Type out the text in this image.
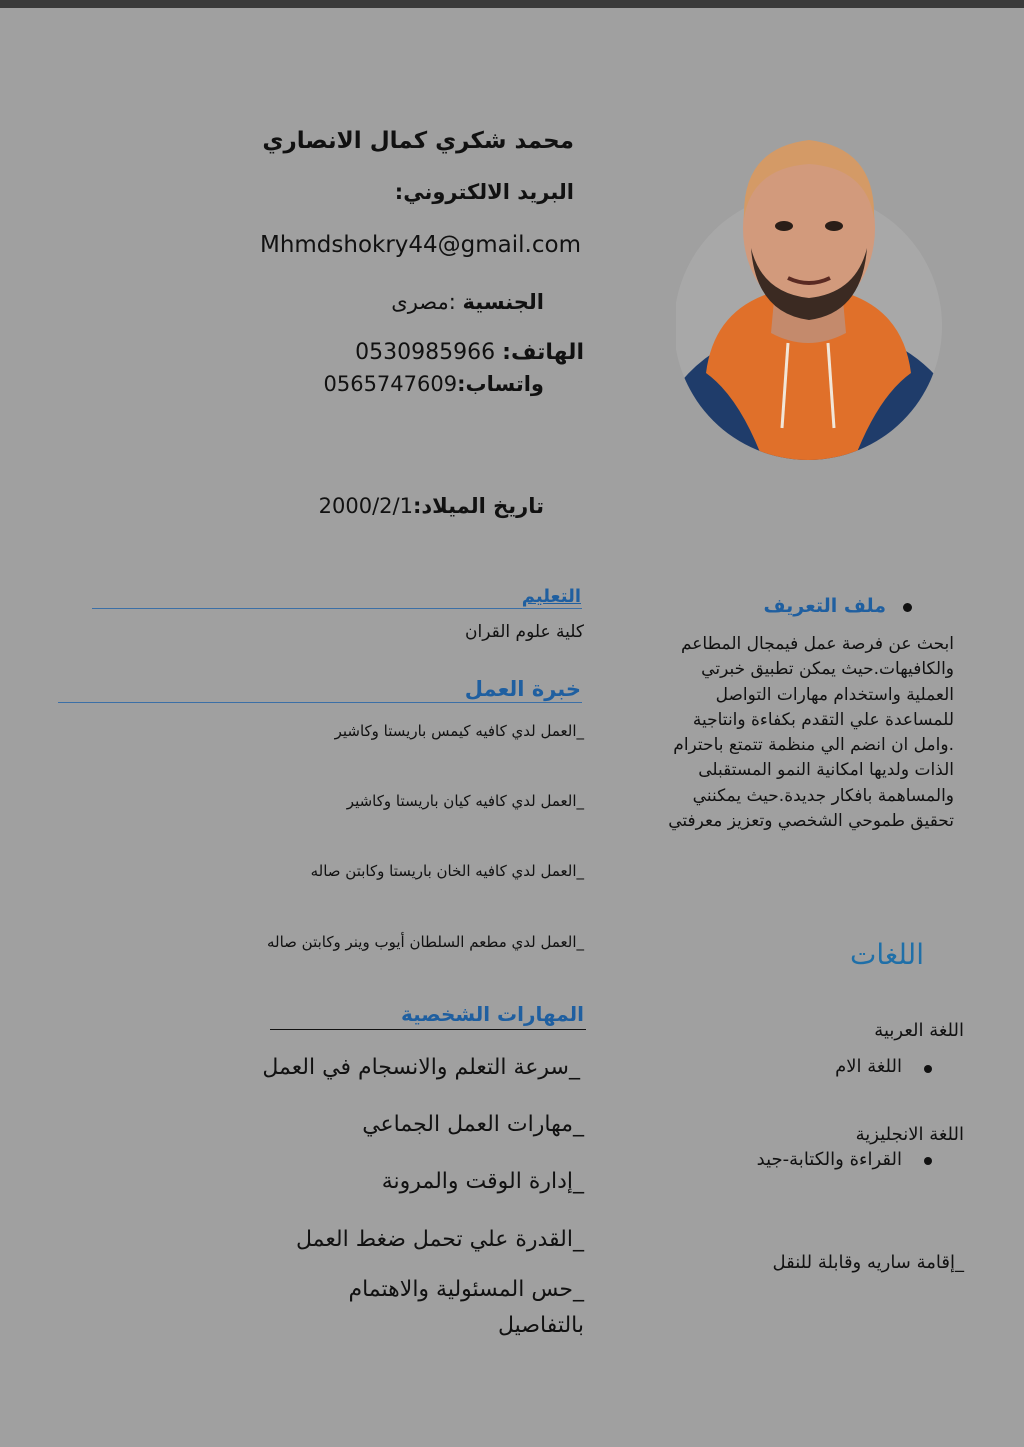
محمد شكري كمال الانصاري
البريد الالكتروني:
Mhmdshokry44@gmail.com
الجنسية :مصرى
الهاتف: 0530985966
واتساب:0565747609
تاريخ الميلاد:2000/2/1
التعليم
كلية علوم القران
خبرة العمل
_العمل لدي كافيه كيمس باريستا وكاشير
_العمل لدي كافيه كيان باريستا وكاشير
_العمل لدي كافيه الخان باريستا وكابتن صاله
_العمل لدي مطعم السلطان أيوب وينر وكابتن صاله
المهارات الشخصية
_سرعة التعلم والانسجام في العمل
_مهارات العمل الجماعي
_إدارة الوقت والمرونة
_القدرة علي تحمل ضغط العمل
_حس المسئولية والاهتمام بالتفاصيل
ملف التعريف
ابحث عن فرصة عمل فيمجال المطاعم والكافيهات.حيث يمكن تطبيق خبرتي العملية واستخدام مهارات التواصل للمساعدة علي التقدم بكفاءة وانتاجية .وامل ان انضم الي منظمة تتمتع باحترام الذات ولديها امكانية النمو المستقبلى والمساهمة بافكار جديدة.حيث يمكنني تحقيق طموحي الشخصي وتعزيز معرفتي
اللغات
اللغة العربية
اللغة الام
اللغة الانجليزية
القراءة والكتابة-جيد
_إقامة ساريه وقابلة للنقل
